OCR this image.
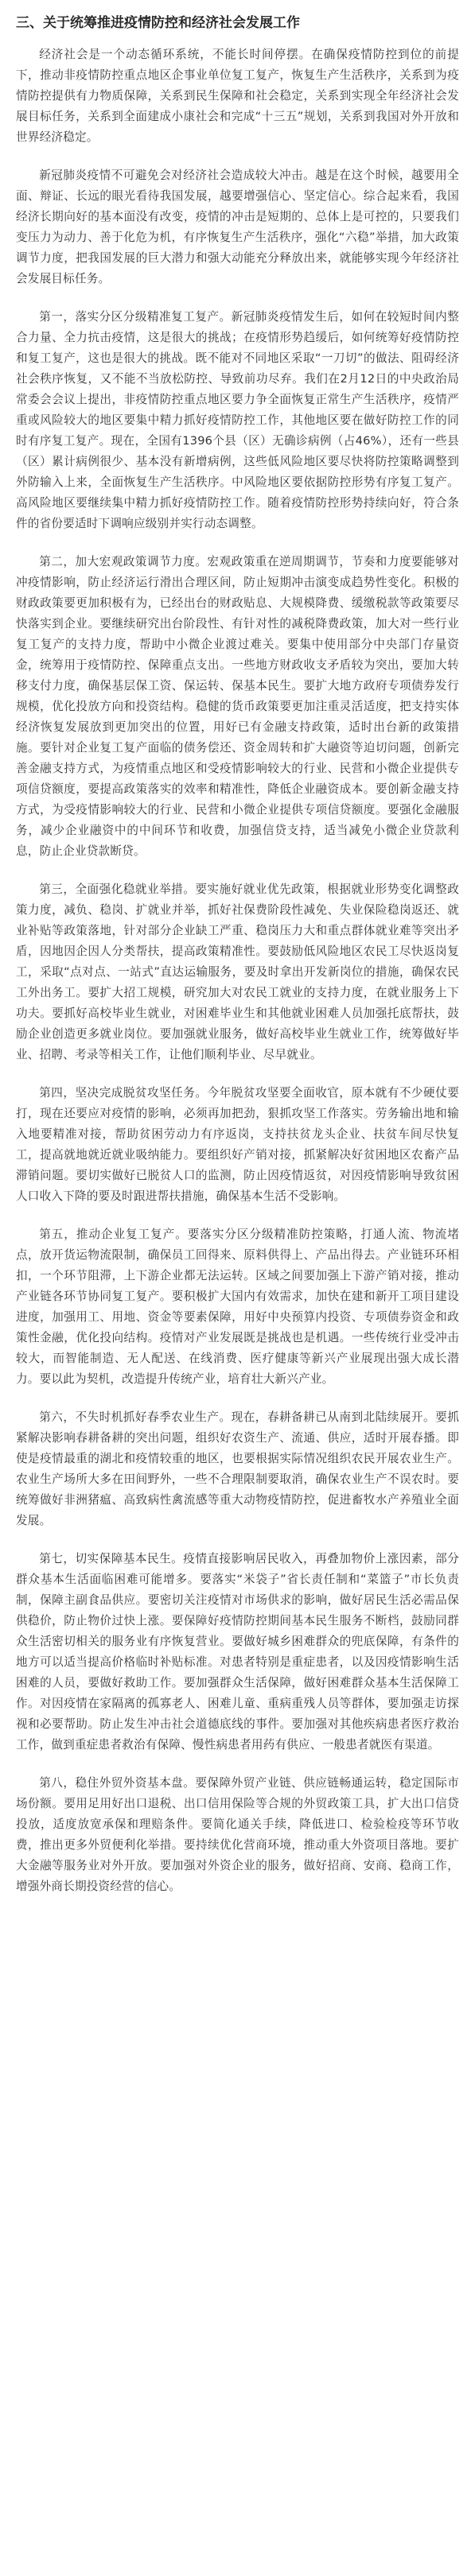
三、关于统筹推进疫情防控和经济社会发展工作

经济社会是一个动态循环系统，不能长时间停摆。在确保疫情防控到位的前提下，推动非疫情防控重点地区企事业单位复工复产，恢复生产生活秩序，关系到为疫情防控提供有力物质保障，关系到民生保障和社会稳定，关系到实现全年经济社会发展目标任务，关系到全面建成小康社会和完成“十三五”规划，关系到我国对外开放和世界经济稳定。

新冠肺炎疫情不可避免会对经济社会造成较大冲击。越是在这个时候，越要用全面、辩证、长远的眼光看待我国发展，越要增强信心、坚定信心。综合起来看，我国经济长期向好的基本面没有改变，疫情的冲击是短期的、总体上是可控的，只要我们变压力为动力、善于化危为机，有序恢复生产生活秩序，强化“六稳”举措，加大政策调节力度，把我国发展的巨大潜力和强大动能充分释放出来，就能够实现今年经济社会发展目标任务。

第一，落实分区分级精准复工复产。新冠肺炎疫情发生后，如何在较短时间内整合力量、全力抗击疫情，这是很大的挑战；在疫情形势趋缓后，如何统筹好疫情防控和复工复产，这也是很大的挑战。既不能对不同地区采取“一刀切”的做法、阻碍经济社会秩序恢复，又不能不当放松防控、导致前功尽弃。我们在2月12日的中央政治局常委会会议上提出，非疫情防控重点地区要力争全面恢复正常生产生活秩序，疫情严重或风险较大的地区要集中精力抓好疫情防控工作，其他地区要在做好防控工作的同时有序复工复产。现在，全国有1396个县（区）无确诊病例（占46%），还有一些县（区）累计病例很少、基本没有新增病例，这些低风险地区要尽快将防控策略调整到外防输入上来，全面恢复生产生活秩序。中风险地区要依据防控形势有序复工复产。高风险地区要继续集中精力抓好疫情防控工作。随着疫情防控形势持续向好，符合条件的省份要适时下调响应级别并实行动态调整。

第二，加大宏观政策调节力度。宏观政策重在逆周期调节，节奏和力度要能够对冲疫情影响，防止经济运行滑出合理区间，防止短期冲击演变成趋势性变化。积极的财政政策要更加积极有为，已经出台的财政贴息、大规模降费、缓缴税款等政策要尽快落实到企业。要继续研究出台阶段性、有针对性的减税降费政策，加大对一些行业复工复产的支持力度，帮助中小微企业渡过难关。要集中使用部分中央部门存量资金，统筹用于疫情防控、保障重点支出。一些地方财政收支矛盾较为突出，要加大转移支付力度，确保基层保工资、保运转、保基本民生。要扩大地方政府专项债券发行规模，优化投放方向和投资结构。稳健的货币政策要更加注重灵活适度，把支持实体经济恢复发展放到更加突出的位置，用好已有金融支持政策，适时出台新的政策措施。要针对企业复工复产面临的债务偿还、资金周转和扩大融资等迫切问题，创新完善金融支持方式，为疫情重点地区和受疫情影响较大的行业、民营和小微企业提供专项信贷额度，要提高政策落实的效率和精准性，降低企业融资成本。要创新金融支持方式，为受疫情影响较大的行业、民营和小微企业提供专项信贷额度。要强化金融服务，减少企业融资中的中间环节和收费，加强信贷支持，适当减免小微企业贷款利息，防止企业贷款断贷。

第三，全面强化稳就业举措。要实施好就业优先政策，根据就业形势变化调整政策力度，减负、稳岗、扩就业并举，抓好社保费阶段性减免、失业保险稳岗返还、就业补贴等政策落地，针对部分企业缺工严重、稳岗压力大和重点群体就业难等突出矛盾，因地因企因人分类帮扶，提高政策精准性。要鼓励低风险地区农民工尽快返岗复工，采取“点对点、一站式”直达运输服务，要及时拿出开发新岗位的措施，确保农民工外出务工。要扩大招工规模，研究加大对农民工就业的支持力度，在就业服务上下功夫。要抓好高校毕业生就业，对困难毕业生和其他就业困难人员加强托底帮扶，鼓励企业创造更多就业岗位。要加强就业服务，做好高校毕业生就业工作，统筹做好毕业、招聘、考录等相关工作，让他们顺利毕业、尽早就业。

第四，坚决完成脱贫攻坚任务。今年脱贫攻坚要全面收官，原本就有不少硬仗要打，现在还要应对疫情的影响，必须再加把劲，狠抓攻坚工作落实。劳务输出地和输入地要精准对接，帮助贫困劳动力有序返岗，支持扶贫龙头企业、扶贫车间尽快复工，提高就地就近就业吸纳能力。要组织好产销对接，抓紧解决好贫困地区农畜产品滞销问题。要切实做好已脱贫人口的监测，防止因疫情返贫，对因疫情影响导致贫困人口收入下降的要及时跟进帮扶措施，确保基本生活不受影响。

第五，推动企业复工复产。要落实分区分级精准防控策略，打通人流、物流堵点，放开货运物流限制，确保员工回得来、原料供得上、产品出得去。产业链环环相扣，一个环节阻滞，上下游企业都无法运转。区域之间要加强上下游产销对接，推动产业链各环节协同复工复产。要积极扩大国内有效需求，加快在建和新开工项目建设进度，加强用工、用地、资金等要素保障，用好中央预算内投资、专项债券资金和政策性金融，优化投向结构。疫情对产业发展既是挑战也是机遇。一些传统行业受冲击较大，而智能制造、无人配送、在线消费、医疗健康等新兴产业展现出强大成长潜力。要以此为契机，改造提升传统产业，培育壮大新兴产业。

第六，不失时机抓好春季农业生产。现在，春耕备耕已从南到北陆续展开。要抓紧解决影响春耕备耕的突出问题，组织好农资生产、流通、供应，适时开展春播。即使是疫情最重的湖北和疫情较重的地区，也要根据实际情况组织农民开展农业生产。农业生产场所大多在田间野外，一些不合理限制要取消，确保农业生产不误农时。要统筹做好非洲猪瘟、高致病性禽流感等重大动物疫情防控，促进畜牧水产养殖业全面发展。

第七，切实保障基本民生。疫情直接影响居民收入，再叠加物价上涨因素，部分群众基本生活面临困难可能增多。要落实“米袋子”省长责任制和“菜篮子”市长负责制，保障主副食品供应。要密切关注疫情对市场供求的影响，做好居民生活必需品保供稳价，防止物价过快上涨。要保障好疫情防控期间基本民生服务不断档，鼓励同群众生活密切相关的服务业有序恢复营业。要做好城乡困难群众的兜底保障，有条件的地方可以适当提高价格临时补贴标准。对患者特别是重症患者，以及因疫情影响生活困难的人员，要做好救助工作。要加强群众生活保障，做好困难群众基本生活保障工作。对因疫情在家隔离的孤寡老人、困难儿童、重病重残人员等群体，要加强走访探视和必要帮助。防止发生冲击社会道德底线的事件。要加强对其他疾病患者医疗救治工作，做到重症患者救治有保障、慢性病患者用药有供应、一般患者就医有渠道。

第八，稳住外贸外资基本盘。要保障外贸产业链、供应链畅通运转，稳定国际市场份额。要用足用好出口退税、出口信用保险等合规的外贸政策工具，扩大出口信贷投放，适度放宽承保和理赔条件。要简化通关手续，降低进口、检验检疫等环节收费，推出更多外贸便利化举措。要持续优化营商环境，推动重大外资项目落地。要扩大金融等服务业对外开放。要加强对外资企业的服务，做好招商、安商、稳商工作，增强外商长期投资经营的信心。
